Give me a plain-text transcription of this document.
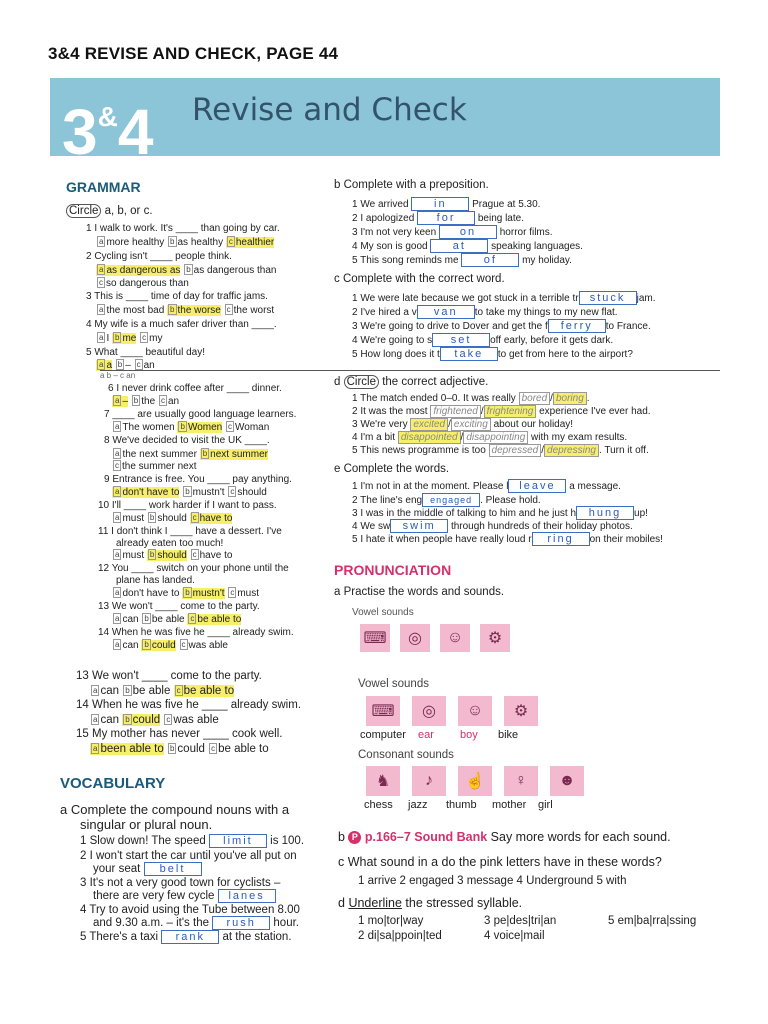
3&4 REVISE AND CHECK, PAGE 44
3&4 Revise and Check
GRAMMAR
Circle a, b, or c.
1 I walk to work. It's ____ than going by car.
a more healthy b as healthy c healthier
2 Cycling isn't ____ people think.
a as dangerous as b as dangerous than
c so dangerous than
3 This is ____ time of day for traffic jams.
a the most bad b the worse c the worst
4 My wife is a much safer driver than ____.
a I b me c my
5 What ____ beautiful day!
a a b – c an
a b – c an
6 I never drink coffee after ____ dinner.
a – b the c an
7 ____ are usually good language learners.
a The women b Women c Woman
8 We've decided to visit the UK ____.
a the next summer b next summer
c the summer next
9 Entrance is free. You ____ pay anything.
a don't have to b mustn't c should
10 I'll ____ work harder if I want to pass.
a must b should c have to
11 I don't think I ____ have a dessert. I've
already eaten too much!
a must b should c have to
12 You ____ switch on your phone until the
plane has landed.
a don't have to b mustn't c must
13 We won't ____ come to the party.
a can b be able c be able to
14 When he was five he ____ already swim.
a can b could c was able
13 We won't ____ come to the party.
a can b be able c be able to
14 When he was five he ____ already swim.
a can b could c was able
15 My mother has never ____ cook well.
a been able to b could c be able to
VOCABULARY
a Complete the compound nouns with a
singular or plural noun.
1 Slow down! The speed limit is 100.
2 I won't start the car until you've all put on
your seat belt
3 It's not a very good town for cyclists –
there are very few cycle lanes
4 Try to avoid using the Tube between 8.00
and 9.30 a.m. – it's the rush hour.
5 There's a taxi rank at the station.
b Complete with a preposition.
1 We arrived in	Prague at 5.30.
2 I apologized for being late.
3 I'm not very keen on horror films.
4 My son is good at	speaking languages.
5 This song reminds me of	my holiday.
c Complete with the correct word.
1 We were late because we got stuck in a terrible tr stuck jam.
2 I've hired a v van to take my things to my new flat.
3 We're going to drive to Dover and get the f ferry to France.
4 We're going to s set off early, before it gets dark.
5 How long does it t take to get from here to the airport?
d Circle the correct adjective.
1 The match ended 0–0. It was really bored / boring .
2 It was the most frightened / frightening experience I've ever had.
3 We're very excited / exciting about our holiday!
4 I'm a bit disappointed / disappointing with my exam results.
5 This news programme is too depressed / depressing . Turn it off.
e Complete the words.
1 I'm not in at the moment. Please l leave a message.
2 The line's eng engaged . Please hold.
3 I was in the middle of talking to him and he just h hung up!
4 We sw swim through hundreds of their holiday photos.
5 I hate it when people have really loud r ring on their mobiles!
PRONUNCIATION
a Practise the words and sounds.
Vowel sounds
⌨	◎	☺	⚙
Vowel sounds
⌨	◎	☺	⚙
computer ear boy bike
Consonant sounds
♞	♪	☝	♀	☻
chess jazz thumb mother girl
b P p.166–7 Sound Bank Say more words for each sound.
c What sound in a do the pink letters have in these words?
1 arrive 2 engaged 3 message 4 Underground 5 with
d Underline the stressed syllable.
1 mo|tor|way
2 di|sa|ppoin|ted
3 pe|des|tri|an
4 voice|mail
5 em|ba|rra|ssing
